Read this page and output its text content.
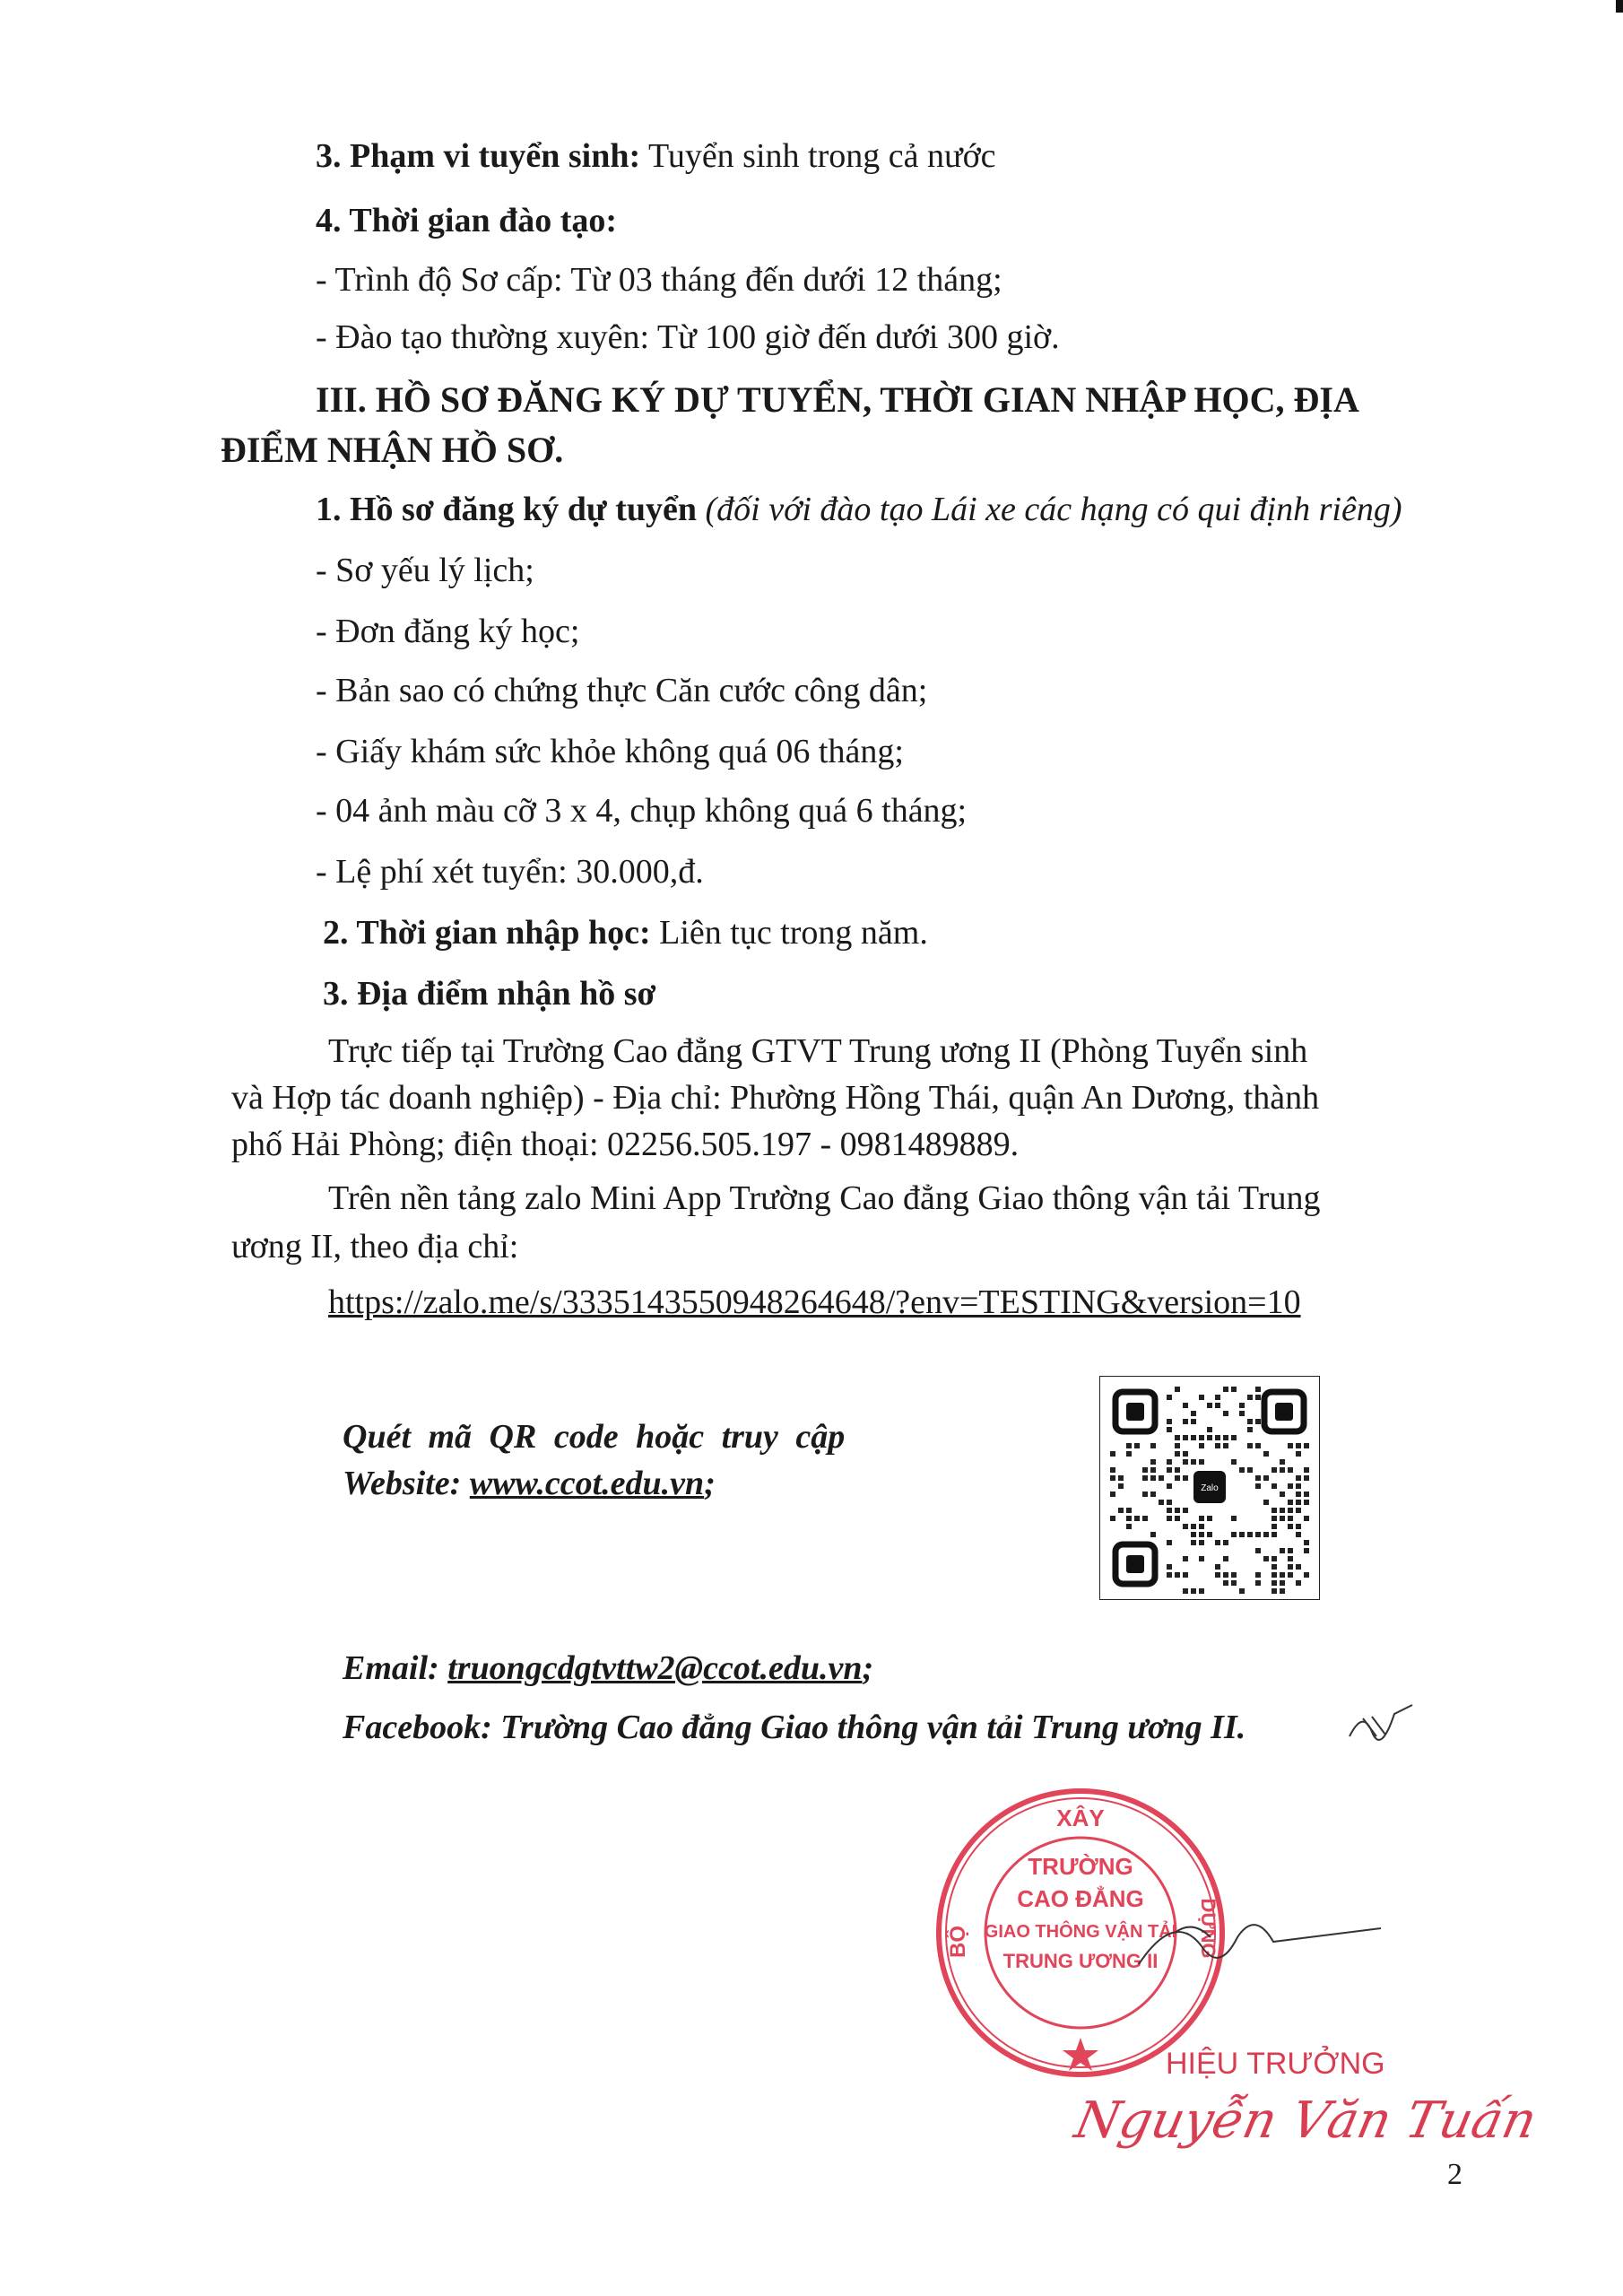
3. Phạm vi tuyển sinh: Tuyển sinh trong cả nước
4. Thời gian đào tạo:
- Trình độ Sơ cấp: Từ 03 tháng đến dưới 12 tháng;
- Đào tạo thường xuyên: Từ 100 giờ đến dưới 300 giờ.
III. HỒ SƠ ĐĂNG KÝ DỰ TUYỂN, THỜI GIAN NHẬP HỌC, ĐỊA
ĐIỂM NHẬN HỒ SƠ.
1. Hồ sơ đăng ký dự tuyển (đối với đào tạo Lái xe các hạng có qui định riêng)
- Sơ yếu lý lịch;
- Đơn đăng ký học;
- Bản sao có chứng thực Căn cước công dân;
- Giấy khám sức khỏe không quá 06 tháng;
- 04 ảnh màu cỡ 3 x 4, chụp không quá 6 tháng;
- Lệ phí xét tuyển: 30.000,đ.
2. Thời gian nhập học: Liên tục trong năm.
3. Địa điểm nhận hồ sơ
Trực tiếp tại Trường Cao đẳng GTVT Trung ương II (Phòng Tuyển sinh
và Hợp tác doanh nghiệp) - Địa chỉ: Phường Hồng Thái, quận An Dương, thành
phố Hải Phòng; điện thoại: 02256.505.197 - 0981489889.
Trên nền tảng zalo Mini App Trường Cao đẳng Giao thông vận tải Trung
ương II, theo địa chỉ:
https://zalo.me/s/3335143550948264648/?env=TESTING&version=10
Quét mã QR code hoặc truy cập
Website: www.ccot.edu.vn;	Zalo
Email: truongcdgtvttw2@ccot.edu.vn;
Facebook: Trường Cao đẳng Giao thông vận tải Trung ương II.
XÂY
BỘ	DỰNG
TRƯỜNG
CAO ĐẲNG
GIAO THÔNG VẬN TẢI
TRUNG ƯƠNG II
HIỆU TRƯỞNG
Nguyễn Văn Tuấn
2
